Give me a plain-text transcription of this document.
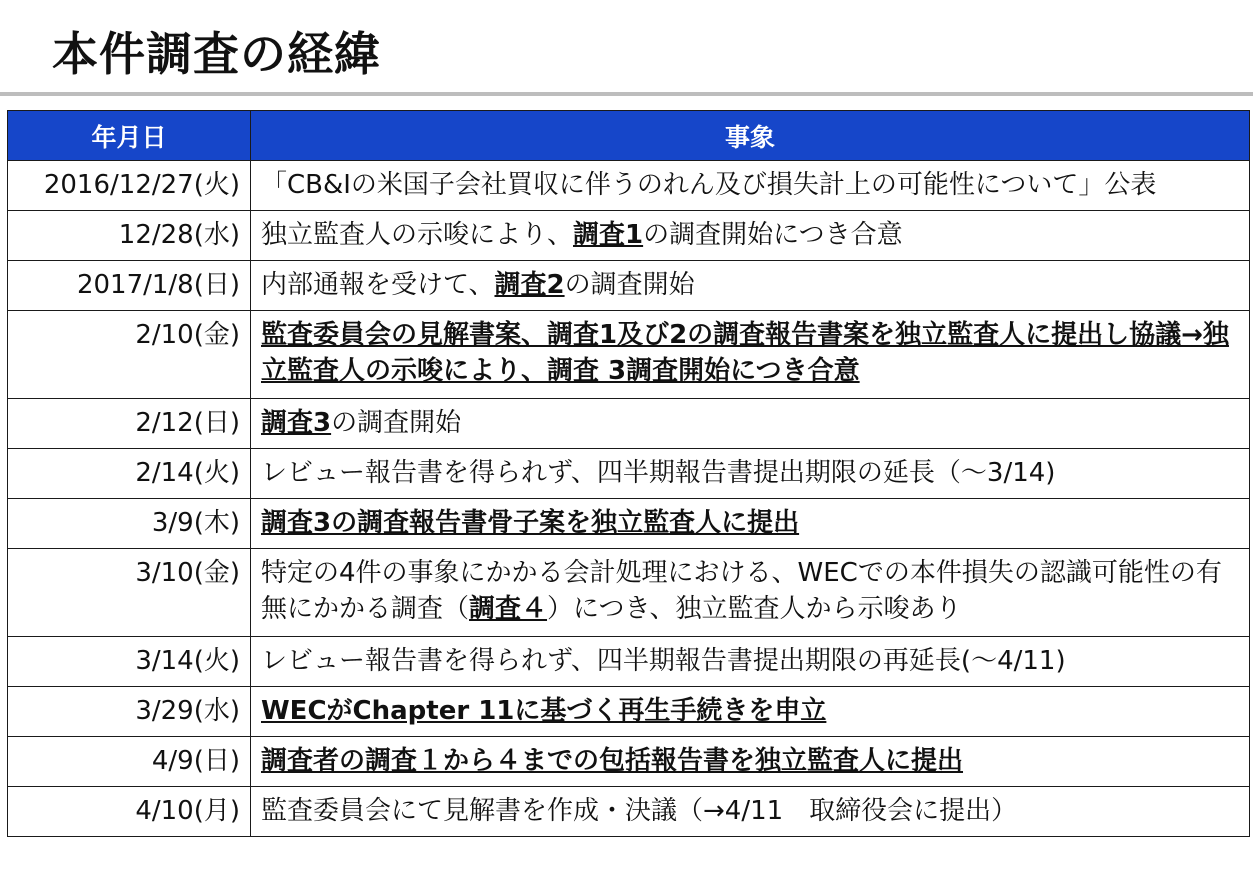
本件調査の経緯
年月日	事象
2016/12/27(火)	「CB&Iの米国子会社買収に伴うのれん及び損失計上の可能性について」公表
12/28(水)	独立監査人の示唆により、調査1の調査開始につき合意
2017/1/8(日)	内部通報を受けて、調査2の調査開始
2/10(金)	監査委員会の見解書案、調査1及び2の調査報告書案を独立監査人に提出し協議→独立監査人の示唆により、調査 3調査開始につき合意
2/12(日)	調査3の調査開始
2/14(火)	レビュー報告書を得られず、四半期報告書提出期限の延長（～3/14)
3/9(木)	調査3の調査報告書骨子案を独立監査人に提出
3/10(金)	特定の4件の事象にかかる会計処理における、WECでの本件損失の認識可能性の有無にかかる調査（調査４）につき、独立監査人から示唆あり
3/14(火)	レビュー報告書を得られず、四半期報告書提出期限の再延長(～4/11)
3/29(水)	WECがChapter 11に基づく再生手続きを申立
4/9(日)	調査者の調査１から４までの包括報告書を独立監査人に提出
4/10(月)	監査委員会にて見解書を作成・決議（→4/11　取締役会に提出）
